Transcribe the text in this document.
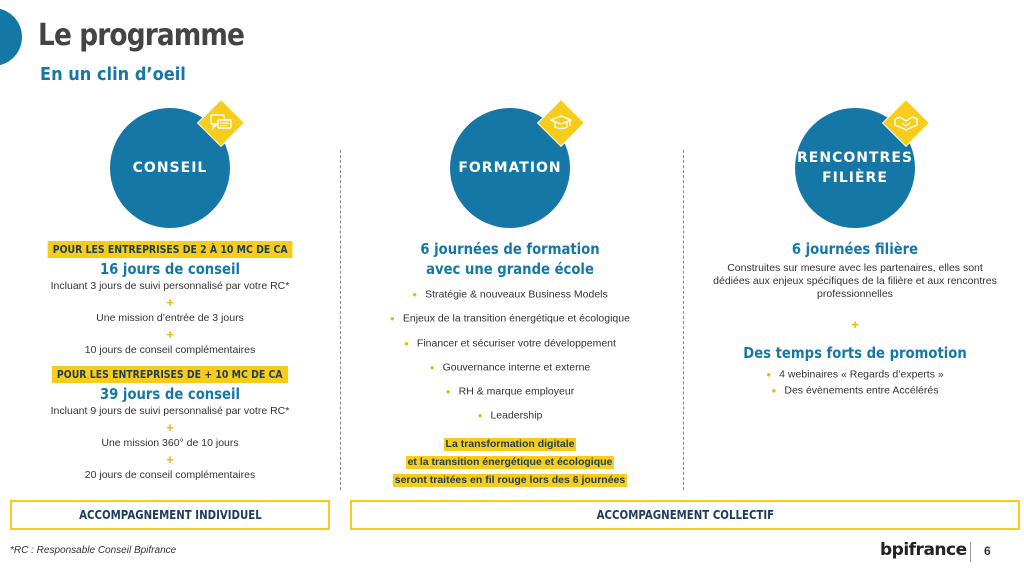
Le programme
En un clin d’oeil
CONSEIL
POUR LES ENTREPRISES DE 2 À 10 MC DE CA

16 jours de conseil

Incluant 3 jours de suivi personnalisé par votre RC*

+

Une mission d’entrée de 3 jours

+

10 jours de conseil complémentaires

POUR LES ENTREPRISES DE + 10 MC DE CA

39 jours de conseil

Incluant 9 jours de suivi personnalisé par votre RC*

+

Une mission 360° de 10 jours

+

20 jours de conseil complémentaires

FORMATION

6 journées de formation

avec une grande école

● Stratégie & nouveaux Business Models
● Enjeux de la transition énergétique et écologique
● Financer et sécuriser votre développement
● Gouvernance interne et externe
● RH & marque employeur
● Leadership
La transformation digitale
et la transition énergétique et écologique
seront traitées en fil rouge lors des 6 journées
RENCONTRES
FILIÈRE

6 journées filière

Construites sur mesure avec les partenaires, elles sont dédiées aux enjeux spécifiques de la filière et aux rencontres professionnelles

+

Des temps forts de promotion

● 4 webinaires « Regards d’experts »
● Des évènements entre Accélérés
ACCOMPAGNEMENT INDIVIDUEL	ACCOMPAGNEMENT COLLECTIF
*RC : Responsable Conseil Bpifrance	bpifrance 6
